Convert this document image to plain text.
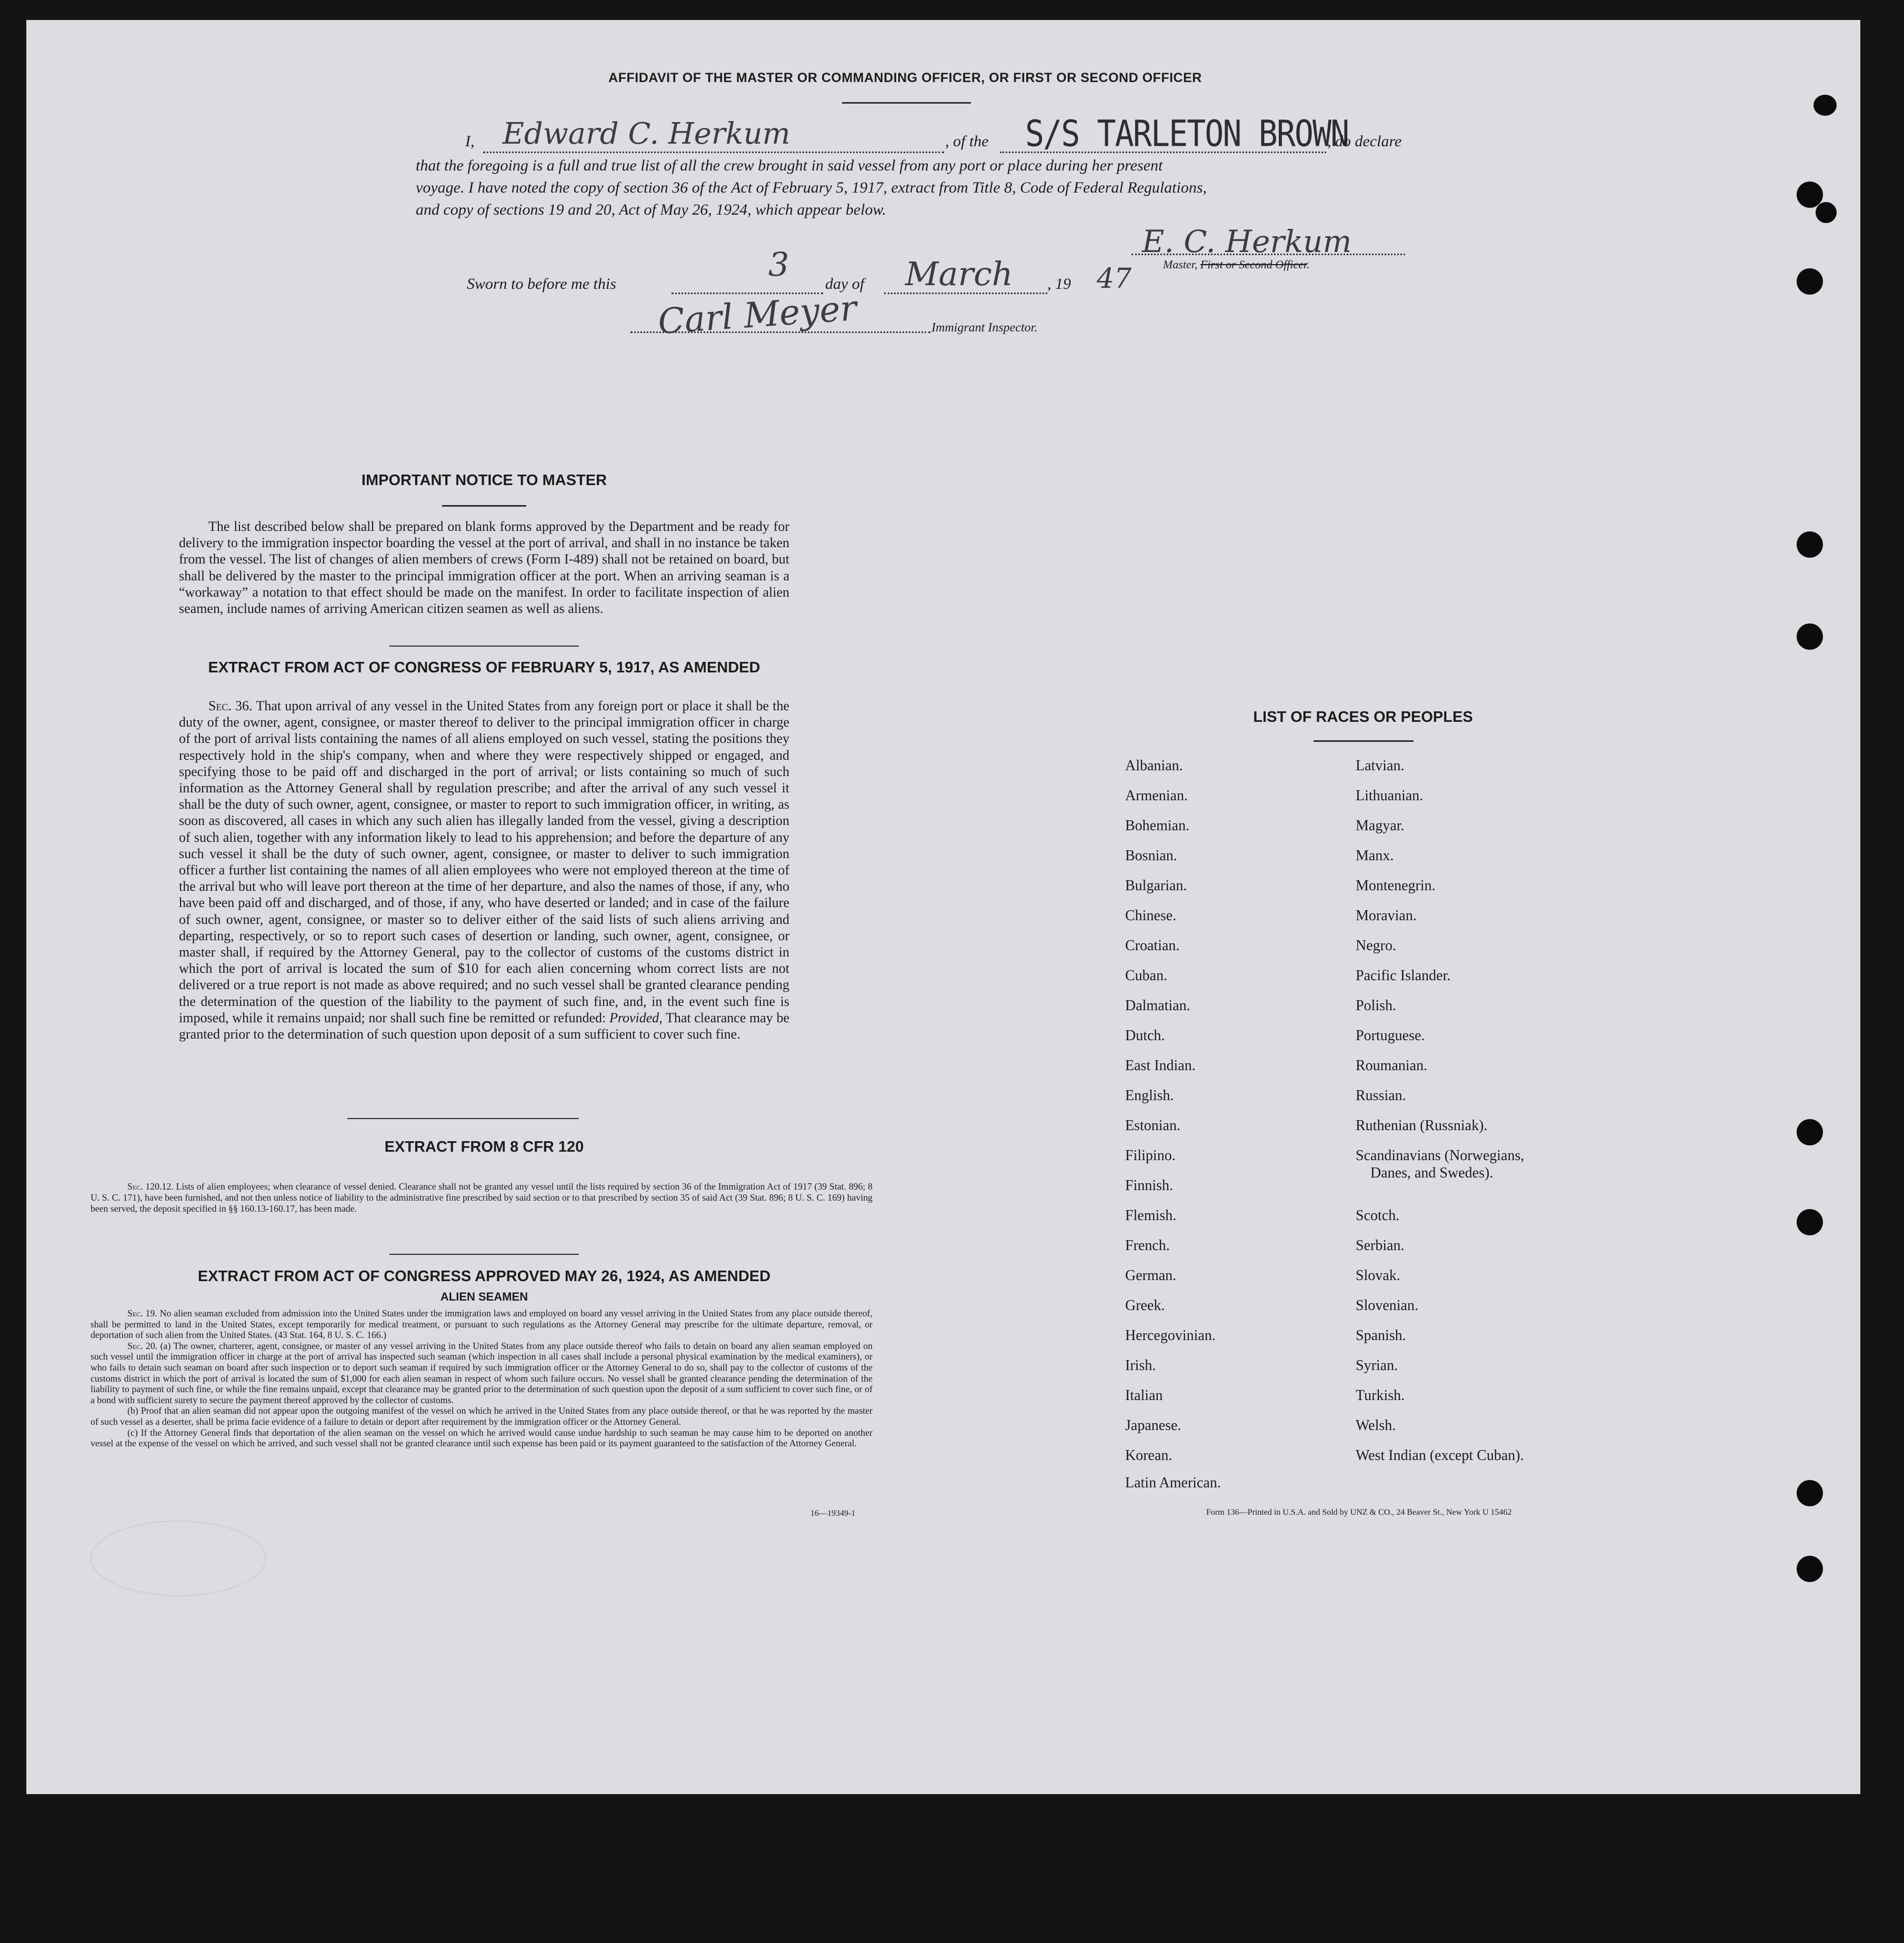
AFFIDAVIT OF THE MASTER OR COMMANDING OFFICER, OR FIRST OR SECOND OFFICER
I, Edward C. Herkum	, of the S/S TARLETON BROWN
, do declare
that the foregoing is a full and true list of all the crew brought in said vessel from any port or place during her present
voyage. I have noted the copy of section 36 of the Act of February 5, 1917, extract from Title 8, Code of Federal Regulations,
and copy of sections 19 and 20, Act of May 26, 1924, which appear below.
E. C. Herkum
Master, First or Second Officer.
Sworn to before me this
3
day of March , 19 47
Carl Meyer	Immigrant Inspector.
IMPORTANT NOTICE TO MASTER
The list described below shall be prepared on blank forms approved by the Department and be ready for delivery to the immigration inspector boarding the vessel at the port of arrival, and shall in no instance be taken from the vessel. The list of changes of alien members of crews (Form I-489) shall not be retained on board, but shall be delivered by the master to the principal immigration officer at the port. When an arriving seaman is a “workaway” a notation to that effect should be made on the manifest. In order to facilitate inspection of alien seamen, include names of arriving American citizen seamen as well as aliens.
EXTRACT FROM ACT OF CONGRESS OF FEBRUARY 5, 1917, AS AMENDED
Sec. 36. That upon arrival of any vessel in the United States from any foreign port or place it shall be the duty of the owner, agent, consignee, or master thereof to deliver to the principal immigration officer in charge of the port of arrival lists containing the names of all aliens employed on such vessel, stating the positions they respectively hold in the ship's company, when and where they were respectively shipped or engaged, and specifying those to be paid off and discharged in the port of arrival; or lists containing so much of such information as the Attorney General shall by regulation prescribe; and after the arrival of any such vessel it shall be the duty of such owner, agent, consignee, or master to report to such immigration officer, in writing, as soon as discovered, all cases in which any such alien has illegally landed from the vessel, giving a description of such alien, together with any information likely to lead to his apprehension; and before the departure of any such vessel it shall be the duty of such owner, agent, consignee, or master to deliver to such immigration officer a further list containing the names of all alien employees who were not employed thereon at the time of the arrival but who will leave port thereon at the time of her departure, and also the names of those, if any, who have been paid off and discharged, and of those, if any, who have deserted or landed; and in case of the failure of such owner, agent, consignee, or master so to deliver either of the said lists of such aliens arriving and departing, respectively, or so to report such cases of desertion or landing, such owner, agent, consignee, or master shall, if required by the Attorney General, pay to the collector of customs of the customs district in which the port of arrival is located the sum of $10 for each alien concerning whom correct lists are not delivered or a true report is not made as above required; and no such vessel shall be granted clearance pending the determination of the question of the liability to the payment of such fine, and, in the event such fine is imposed, while it remains unpaid; nor shall such fine be remitted or refunded: Provided, That clearance may be granted prior to the determination of such question upon deposit of a sum sufficient to cover such fine.
EXTRACT FROM 8 CFR 120
Sec. 120.12. Lists of alien employees; when clearance of vessel denied. Clearance shall not be granted any vessel until the lists required by section 36 of the Immigration Act of 1917 (39 Stat. 896; 8 U. S. C. 171), have been furnished, and not then unless notice of liability to the administrative fine prescribed by said section or to that prescribed by section 35 of said Act (39 Stat. 896; 8 U. S. C. 169) having been served, the deposit specified in §§ 160.13-160.17, has been made.
EXTRACT FROM ACT OF CONGRESS APPROVED MAY 26, 1924, AS AMENDED
ALIEN SEAMEN
Sec. 19. No alien seaman excluded from admission into the United States under the immigration laws and employed on board any vessel arriving in the United States from any place outside thereof, shall be permitted to land in the United States, except temporarily for medical treatment, or pursuant to such regulations as the Attorney General may prescribe for the ultimate departure, removal, or deportation of such alien from the United States. (43 Stat. 164, 8 U. S. C. 166.)
Sec. 20. (a) The owner, charterer, agent, consignee, or master of any vessel arriving in the United States from any place outside thereof who fails to detain on board any alien seaman employed on such vessel until the immigration officer in charge at the port of arrival has inspected such seaman (which inspection in all cases shall include a personal physical examination by the medical examiners), or who fails to detain such seaman on board after such inspection or to deport such seaman if required by such immigration officer or the Attorney General to do so, shall pay to the collector of customs of the customs district in which the port of arrival is located the sum of $1,000 for each alien seaman in respect of whom such failure occurs. No vessel shall be granted clearance pending the determination of the liability to payment of such fine, or while the fine remains unpaid, except that clearance may be granted prior to the determination of such question upon the deposit of a sum sufficient to cover such fine, or of a bond with sufficient surety to secure the payment thereof approved by the collector of customs.
(b) Proof that an alien seaman did not appear upon the outgoing manifest of the vessel on which he arrived in the United States from any place outside thereof, or that he was reported by the master of such vessel as a deserter, shall be prima facie evidence of a failure to detain or deport after requirement by the immigration officer or the Attorney General.
(c) If the Attorney General finds that deportation of the alien seaman on the vessel on which he arrived would cause undue hardship to such seaman he may cause him to be deported on another vessel at the expense of the vessel on which he arrived, and such vessel shall not be granted clearance until such expense has been paid or its payment guaranteed to the satisfaction of the Attorney General.
16—19349-1
LIST OF RACES OR PEOPLES
Albanian.
Armenian.
Bohemian.
Bosnian.
Bulgarian.
Chinese.
Croatian.
Cuban.
Dalmatian.
Dutch.
East Indian.
English.
Estonian.
Filipino.
Finnish.
Flemish.
French.
German.
Greek.
Hercegovinian.
Irish.
Italian
Japanese.
Korean.
Latin American.
Latvian.
Lithuanian.
Magyar.
Manx.
Montenegrin.
Moravian.
Negro.
Pacific Islander.
Polish.
Portuguese.
Roumanian.
Russian.
Ruthenian (Russniak).
Scandinavians (Norwegians,
Danes, and Swedes).
Scotch.
Serbian.
Slovak.
Slovenian.
Spanish.
Syrian.
Turkish.
Welsh.
West Indian (except Cuban).
Form 136—Printed in U.S.A. and Sold by UNZ & CO., 24 Beaver St., New York U 15462
